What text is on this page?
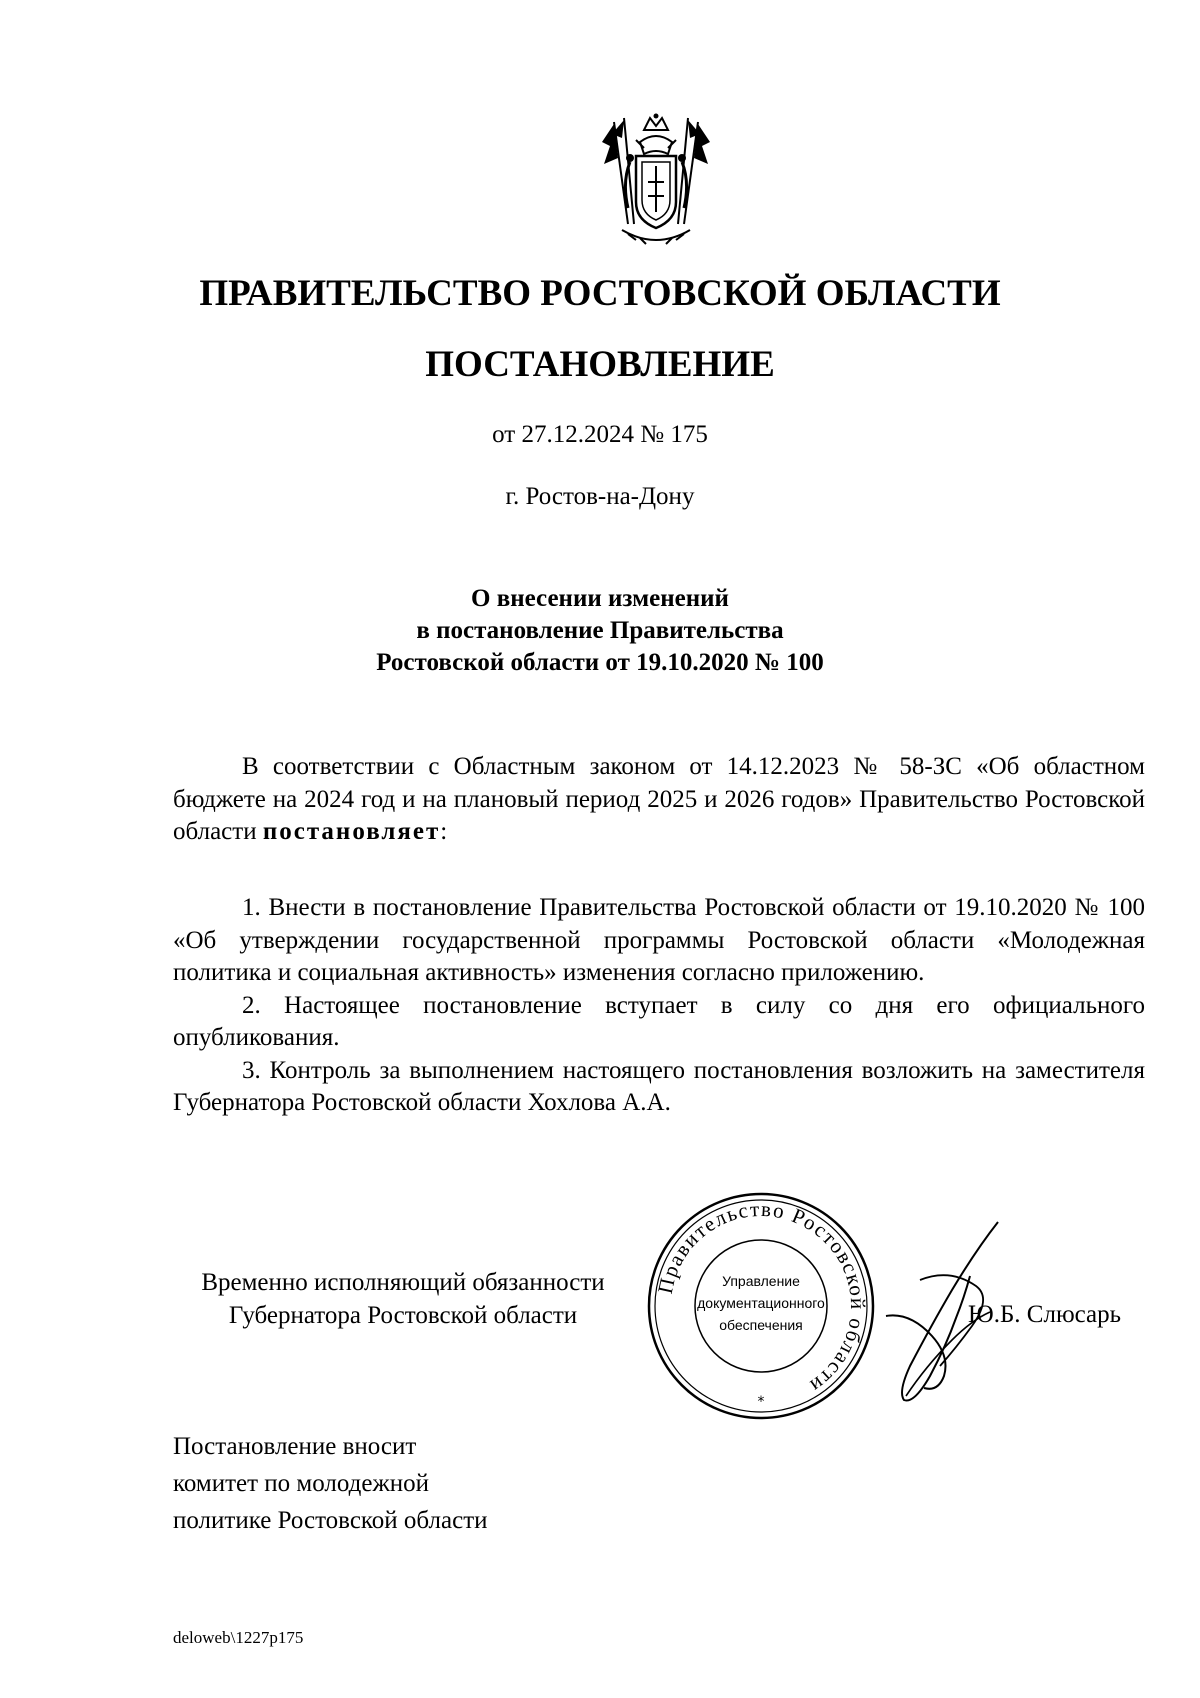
ПРАВИТЕЛЬСТВО РОСТОВСКОЙ ОБЛАСТИ
ПОСТАНОВЛЕНИЕ
от 27.12.2024 № 175
г. Ростов-на-Дону
О внесении изменений
в постановление Правительства
Ростовской области от 19.10.2020 № 100

В соответствии с Областным законом от 14.12.2023 № 58-ЗС «Об областном бюджете на 2024 год и на плановый период 2025 и 2026 годов» Правительство Ростовской области постановляет:

1. Внести в постановление Правительства Ростовской области от 19.10.2020 № 100 «Об утверждении государственной программы Ростовской области «Молодежная политика и социальная активность» изменения согласно приложению.

2. Настоящее постановление вступает в силу со дня его официального опубликования.

3. Контроль за выполнением настоящего постановления возложить на заместителя Губернатора Ростовской области Хохлова А.А.

Временно исполняющий обязанности
Губернатора Ростовской области
Правительство Ростовской области
Управление
документационного
обеспечения
*
Ю.Б. Слюсарь
Постановление вносит
комитет по молодежной
политике Ростовской области
deloweb\1227p175
